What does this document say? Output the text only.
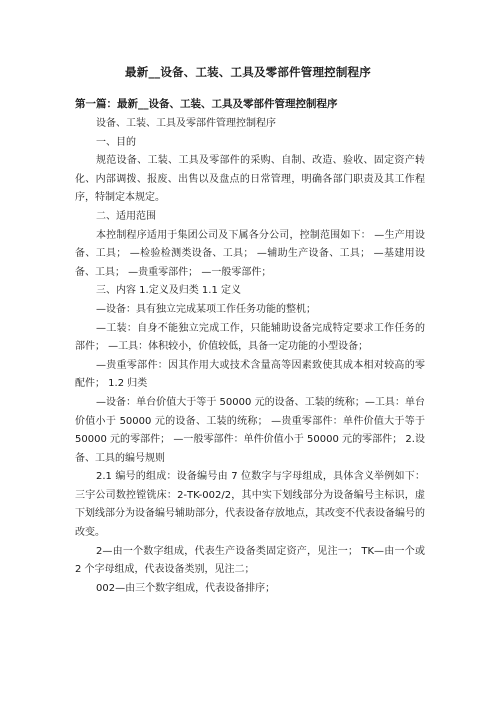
最新__设备、工装、工具及零部件管理控制程序
第一篇：最新__设备、工装、工具及零部件管理控制程序

设备、工装、工具及零部件管理控制程序

一、目的

规范设备、工装、工具及零部件的采购、自制、改造、验收、固定资产转化、内部调拨、报废、出售以及盘点的日常管理，明确各部门职责及其工作程序，特制定本规定。

二、适用范围

本控制程序适用于集团公司及下属各分公司，控制范围如下： —生产用设备、工具； —检验检测类设备、工具； —辅助生产设备、工具； —基建用设备、工具； —贵重零部件； —一般零部件；

三、内容 1.定义及归类 1.1 定义

—设备：具有独立完成某项工作任务功能的整机；

—工装：自身不能独立完成工作，只能辅助设备完成特定要求工作任务的部件； —工具：体积较小，价值较低，具备一定功能的小型设备；

—贵重零部件：因其作用大或技术含量高等因素致使其成本相对较高的零配件； 1.2 归类

—设备：单台价值大于等于 50000 元的设备、工装的统称；—工具：单台价值小于 50000 元的设备、工装的统称； —贵重零部件：单件价值大于等于 50000 元的零部件； —一般零部件：单件价值小于 50000 元的零部件； 2.设备、工具的编号规则

2.1 编号的组成：设备编号由 7 位数字与字母组成，具体含义举例如下： 三宇公司数控镗铣床：2-TK-002/2，其中实下划线部分为设备编号主标识，虚下划线部分为设备编号辅助部分，代表设备存放地点，其改变不代表设备编号的改变。

2—由一个数字组成，代表生产设备类固定资产，见注一； TK—由一个或 2 个字母组成，代表设备类别，见注二；

002—由三个数字组成，代表设备排序；
